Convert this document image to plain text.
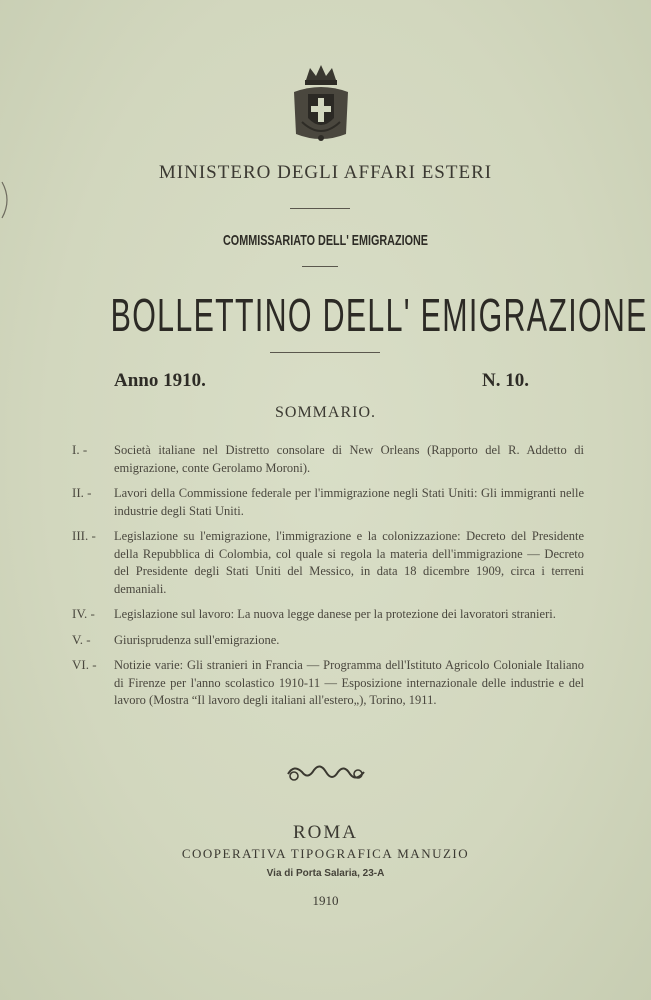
MINISTERO DEGLI AFFARI ESTERI
COMMISSARIATO DELL' EMIGRAZIONE
BOLLETTINO DELL' EMIGRAZIONE
Anno 1910.	N. 10.
SOMMARIO.
I. -	Società italiane nel Distretto consolare di New Orleans (Rapporto del R. Addetto di emigrazione, conte Gerolamo Moroni).
II. -	Lavori della Commissione federale per l'immigrazione negli Stati Uniti: Gli immigranti nelle industrie degli Stati Uniti.
III. -	Legislazione su l'emigrazione, l'immigrazione e la colonizzazione: Decreto del Presidente della Repubblica di Colombia, col quale si regola la materia dell'immigrazione — Decreto del Presidente degli Stati Uniti del Messico, in data 18 dicembre 1909, circa i terreni demaniali.
IV. -	Legislazione sul lavoro: La nuova legge danese per la protezione dei lavoratori stranieri.
V. -	Giurisprudenza sull'emigrazione.
VI. -	Notizie varie: Gli stranieri in Francia — Programma dell'Istituto Agricolo Coloniale Italiano di Firenze per l'anno scolastico 1910-11 — Esposizione internazionale delle industrie e del lavoro (Mostra “Il lavoro degli italiani all'estero„), Torino, 1911.
ROMA
COOPERATIVA TIPOGRAFICA MANUZIO
Via di Porta Salaria, 23-A
1910
